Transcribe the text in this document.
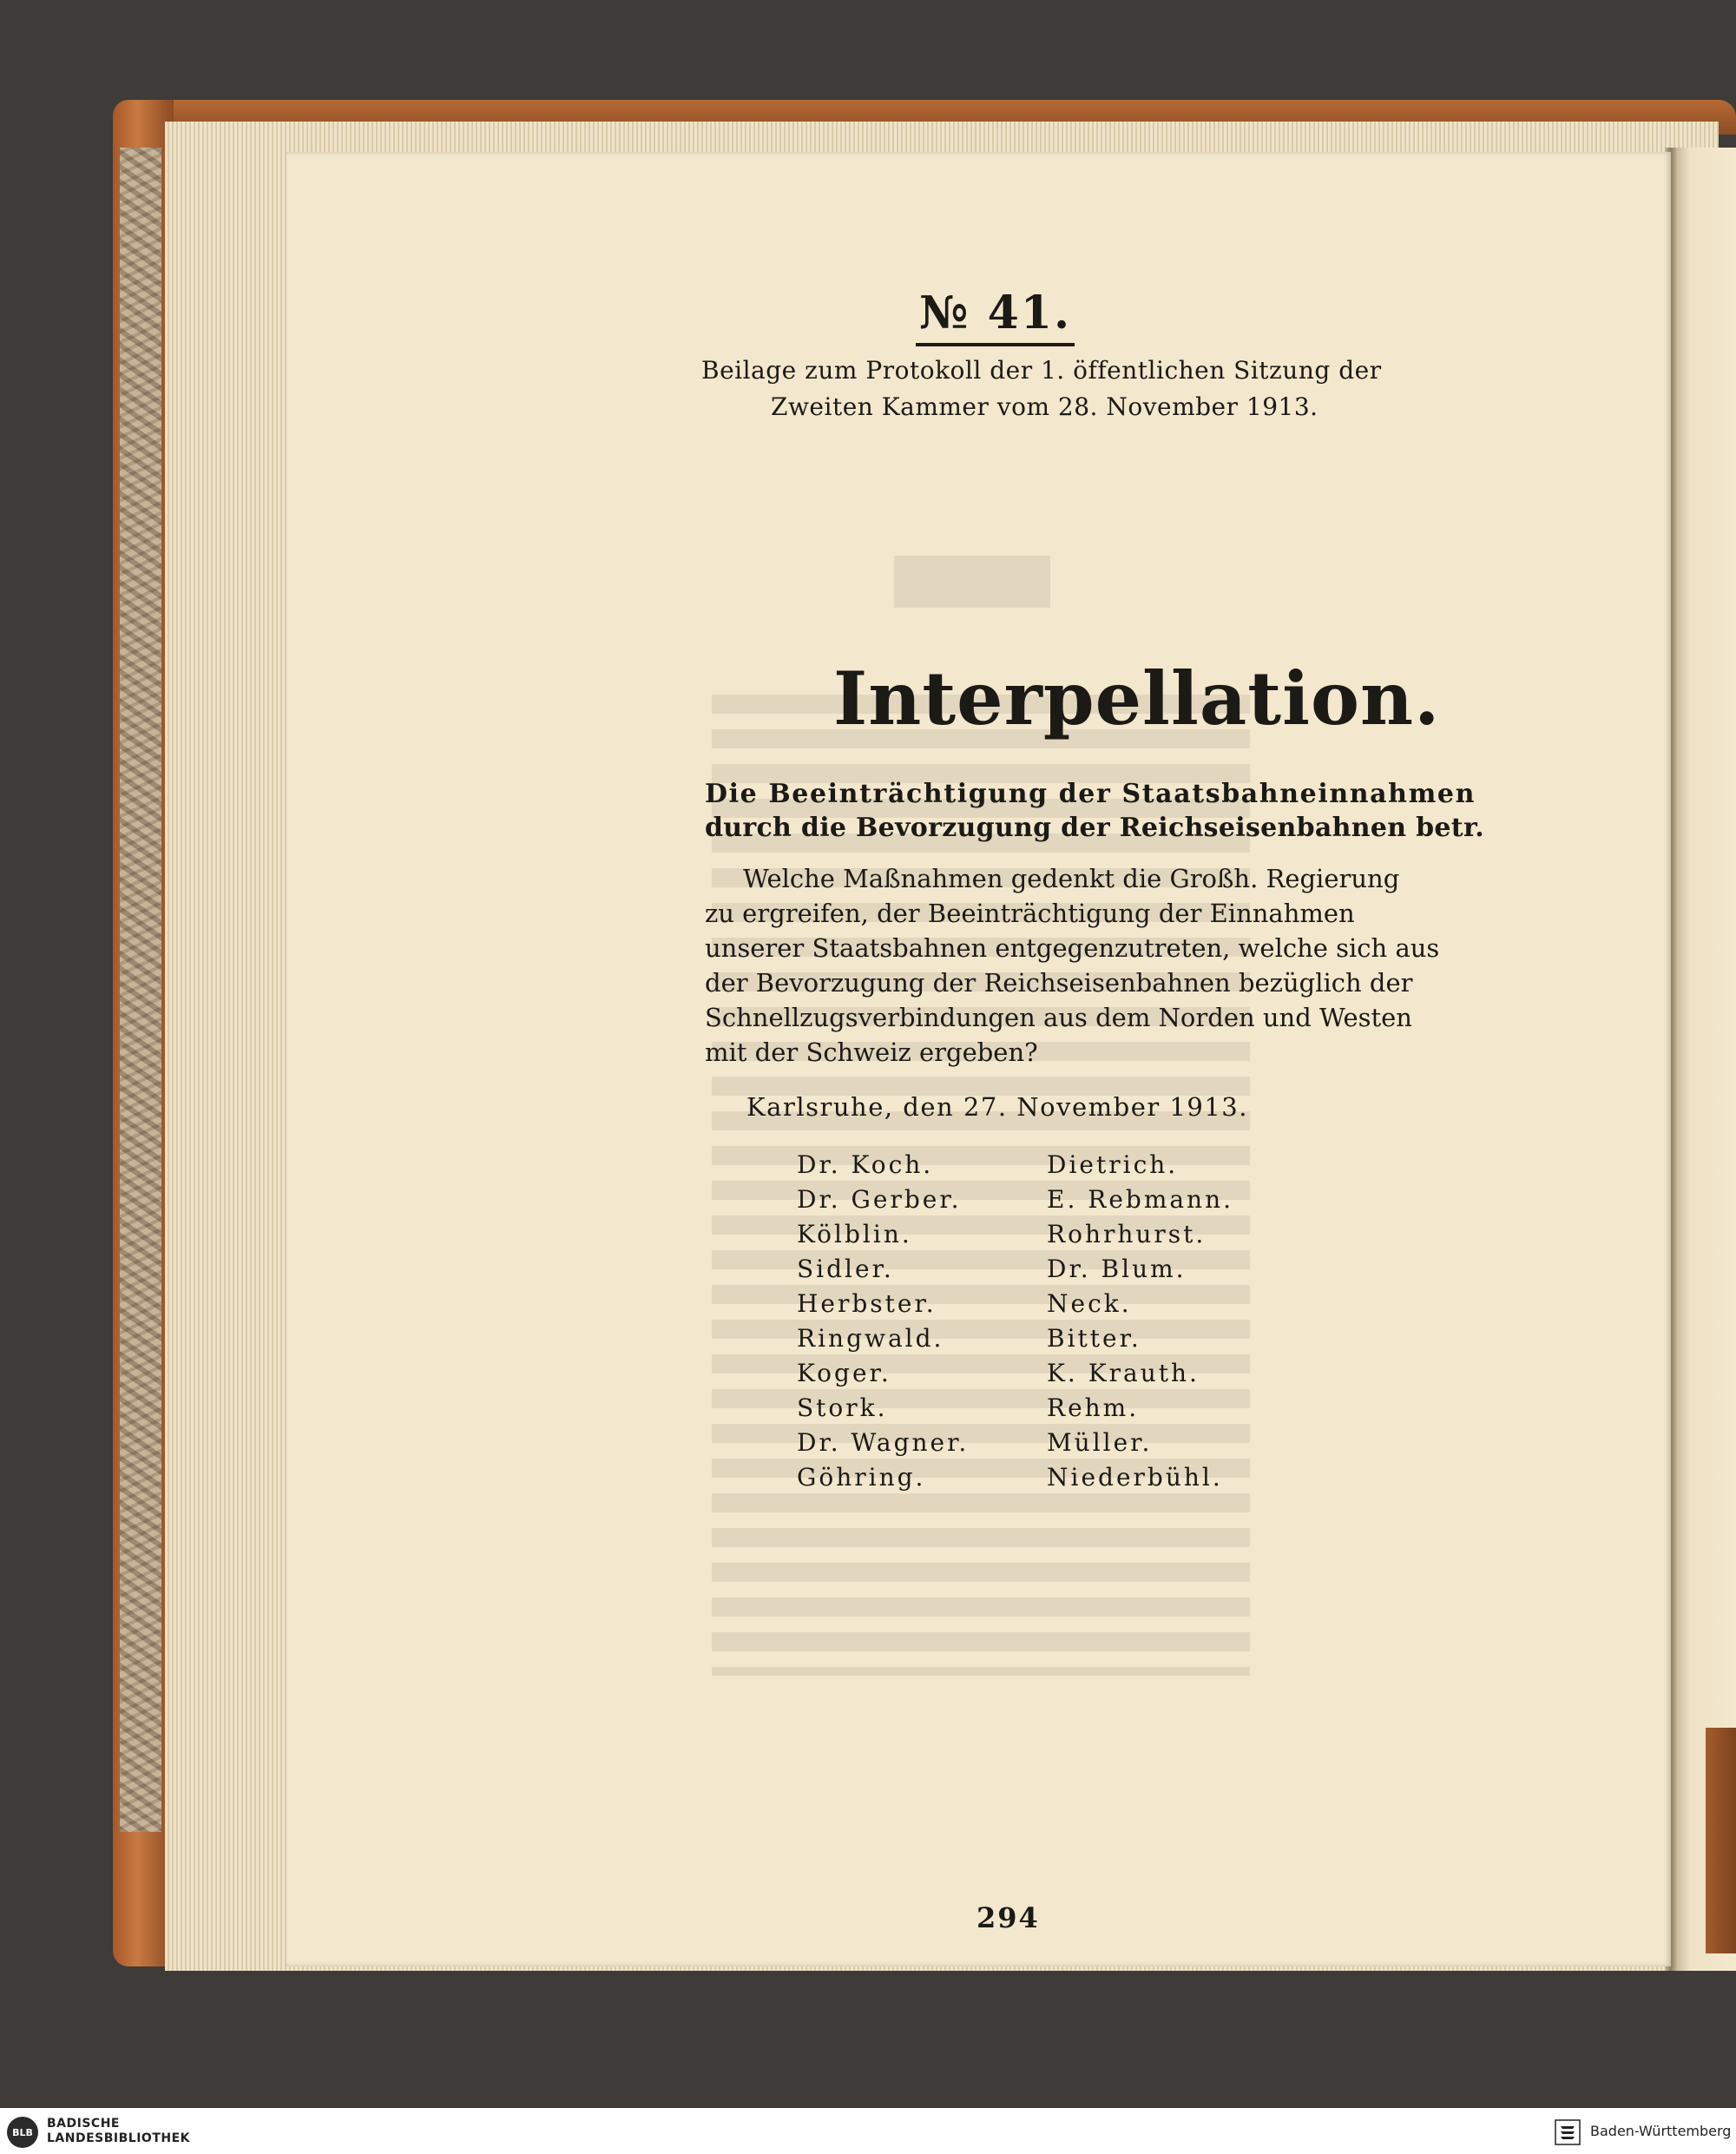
№ 41.
Beilage zum Protokoll der 1. öffentlichen Sitzung der
Zweiten Kammer vom 28. November 1913.
Interpellation.
Die Beeinträchtigung der Staatsbahneinnahmen
durch die Bevorzugung der Reichseisenbahnen betr.
Welche Maßnahmen gedenkt die Großh. Regierung
zu ergreifen, der Beeinträchtigung der Einnahmen
unserer Staatsbahnen entgegenzutreten, welche sich aus
der Bevorzugung der Reichseisenbahnen bezüglich der
Schnellzugsverbindungen aus dem Norden und Westen
mit der Schweiz ergeben?
Karlsruhe, den 27. November 1913.
Dr. Koch.
Dr. Gerber.
Kölblin.
Sidler.
Herbster.
Ringwald.
Koger.
Stork.
Dr. Wagner.
Göhring.
Dietrich.
E. Rebmann.
Rohrhurst.
Dr. Blum.
Neck.
Bitter.
K. Krauth.
Rehm.
Müller.
Niederbühl.
294
BLB
BADISCHE
LANDESBIBLIOTHEK	Baden-Württemberg
